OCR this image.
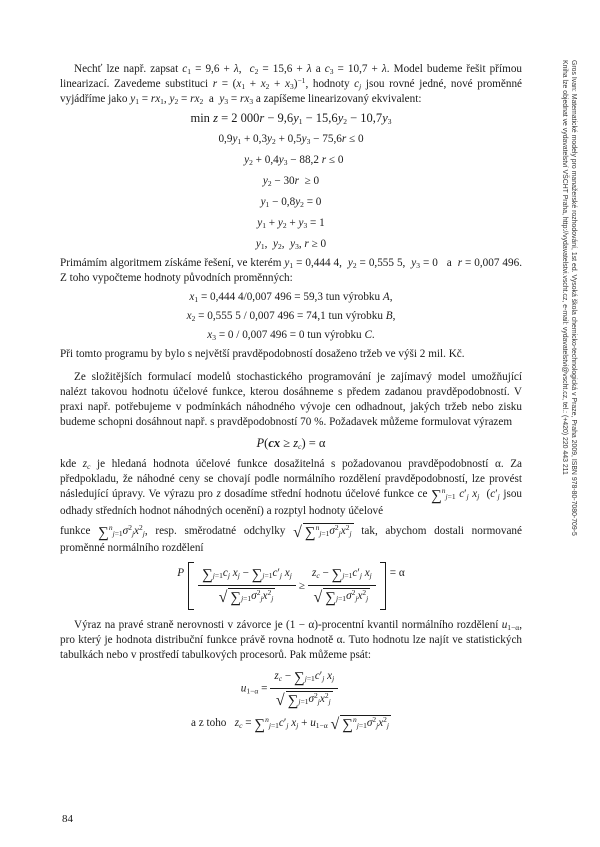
Gros Ivan: Matematické modely pro manažerské rozhodování, 1st ed. Vysoká škola chemicko-technologická v Praze, Praha 2009, ISBN 978-80-7080-709-5
Kniha lze objednat ve vydavatelství VŠCHT Praha, http://vydavatelstvi.vscht.cz, e-mail: vydavatelstvi@vscht.cz, tel.: (+420) 220 443 211

Nechť lze např. zapsat $c_1 = 9,6 + \lambda$,  $c_2 = 15,6 + \lambda$ a $c_3 = 10,7 + \lambda$. Model budeme řešit přímou linearizací. Zavedeme substituci $r = (x_1 + x_2 + x_3)^{-1}$, hodnoty $c_j$ jsou rovné jedné, nové proměnné vyjádříme jako $y_1 = rx_1$, $y_2 = rx_2$  a  $y_3 = rx_3$ a zapíšeme linearizovaný ekvivalent:

min z = 2 $000r - 9,6y_1 - 15,6y_2 - 10,7y_3$

$0,9y_1 + 0,3y_2 + 0,5y_3 - 75,6r \le 0$

$y_2 + 0,4y_3 - 88,2$ r ≤ 0

$y_2 - 30r \ge 0$

$y_1 - 0,8y_2 = 0$

$y_1 + y_2 + y_3 = 1$

$y_1$,  $y_2$,  $y_3$, r ≥ 0

Primámím algoritmem získáme řešení, ve kterém $y_1 = 0,444$ 4,  $y_2 = 0,555$ 5,  $y_3 = 0$   a  r = 0,007 496. Z toho vypočteme hodnoty původních proměnných:

$x_1 = 0,444$ 4/0,007 496 = 59,3 tun výrobku A,

$x_2 = 0,555$ 5 / 0,007 496 = 74,1 tun výrobku B,

$x_3 = 0 / 0,007$ 496 = 0 tun výrobku C.

Při tomto programu by bylo s největší pravděpodobností dosaženo tržeb ve výši 2 mil. Kč.

Ze složitějších formulací modelů stochastického programování je zajímavý model umožňující nalézt takovou hodnotu účelové funkce, kterou dosáhneme s předem zadanou pravděpodobností. V praxi např. potřebujeme v podmínkách náhodného vývoje cen odhadnout, jakých tržeb nebo zisku budeme schopni dosáhnout např. s pravděpodobností 70 %. Požadavek můžeme formulovat výrazem

$P(cx \ge z_c) = \alpha$

kde $z_c$ je hledaná hodnota účelové funkce dosažitelná s požadovanou pravděpodobností α. Za předpokladu, že náhodné ceny se chovají podle normálního rozdělení pravděpodobností, lze provést následující úpravy. Ve výrazu pro z dosadíme střední hodnotu účelové funkce ce ∑$^n_{j=1}$ $c'_j$ $x_j$  ($c'_j$ jsou odhady středních hodnot náhodných ocenění) a rozptyl hodnoty účelové

funkce $\sum^n_{j=1}\sigma^2_jx^2_j$, resp. směrodatné odchylky √ $\sum^n_{j=1}\sigma^2_jx^2_j$ tak, abychom dostali normované proměnné normálního rozdělení

P $\frac{\sum_{j=1}c_j x_j - \sum_{j=1}c'_j x_j}{√ \sum_{j=1}\sigma^2_jx^2_j} \ge \frac{z_c - \sum_{j=1}c'_j x_j}{√ \sum_{j=1}\sigma^2_jx^2_j} = \alpha$

Výraz na pravé straně nerovnosti v závorce je (1 − α)-procentní kvantil normálního rozdělení $u_{1-\alpha}$, pro který je hodnota distribuční funkce právě rovna hodnotě α. Tuto hodnotu lze najít ve statistických tabulkách nebo v prostředí tabulkových procesorů. Pak můžeme psát:

$u_{1-\alpha} = \frac{z_c - \sum_{j=1}c'_j x_j}{√ \sum_{j=1}\sigma^2_jx^2_j}$

a z toho $z_c = \sum^n_{j=1}c'_j$ $x_j + u_{1-\alpha}$ √ $\sum^n_{j=1}\sigma^2_jx^2_j$

84
